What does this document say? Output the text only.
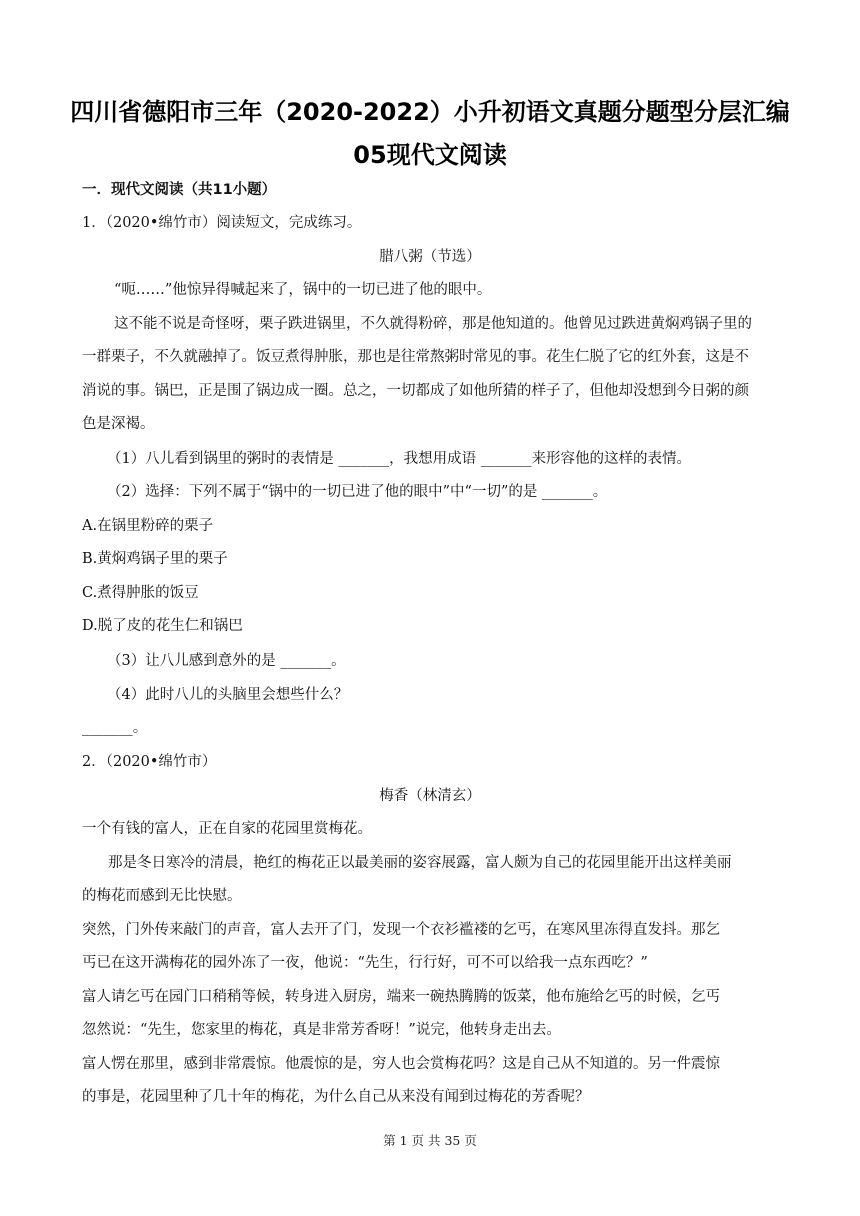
四川省德阳市三年（2020-2022）小升初语文真题分题型分层汇编
05现代文阅读
一．现代文阅读（共11小题）
1．（2020•绵竹市）阅读短文，完成练习。
腊八粥（节选）
“呃……”他惊异得喊起来了，锅中的一切已进了他的眼中。
这不能不说是奇怪呀，栗子跌进锅里，不久就得粉碎，那是他知道的。他曾见过跌进黄焖鸡锅子里的
一群栗子，不久就融掉了。饭豆煮得肿胀，那也是往常熬粥时常见的事。花生仁脱了它的红外套，这是不
消说的事。锅巴，正是围了锅边成一圈。总之，一切都成了如他所猜的样子了，但他却没想到今日粥的颜
色是深褐。
（1）八儿看到锅里的粥时的表情是 _______，我想用成语 _______来形容他的这样的表情。
（2）选择：下列不属于“锅中的一切已进了他的眼中”中“一切”的是 _______。
A.在锅里粉碎的栗子
B.黄焖鸡锅子里的栗子
C.煮得肿胀的饭豆
D.脱了皮的花生仁和锅巴
（3）让八儿感到意外的是 _______。
（4）此时八儿的头脑里会想些什么？
_______。
2．（2020•绵竹市）
梅香（林清玄）
一个有钱的富人，正在自家的花园里赏梅花。
那是冬日寒冷的清晨，艳红的梅花正以最美丽的姿容展露，富人颇为自己的花园里能开出这样美丽
的梅花而感到无比快慰。
突然，门外传来敲门的声音，富人去开了门，发现一个衣衫褴褛的乞丐，在寒风里冻得直发抖。那乞
丐已在这开满梅花的园外冻了一夜，他说：“先生，行行好，可不可以给我一点东西吃？”
富人请乞丐在园门口稍稍等候，转身进入厨房，端来一碗热腾腾的饭菜，他布施给乞丐的时候，乞丐
忽然说：“先生，您家里的梅花，真是非常芳香呀！”说完，他转身走出去。
富人愣在那里，感到非常震惊。他震惊的是，穷人也会赏梅花吗？这是自己从不知道的。另一件震惊
的事是，花园里种了几十年的梅花，为什么自己从来没有闻到过梅花的芳香呢？
第 1 页 共 35 页
